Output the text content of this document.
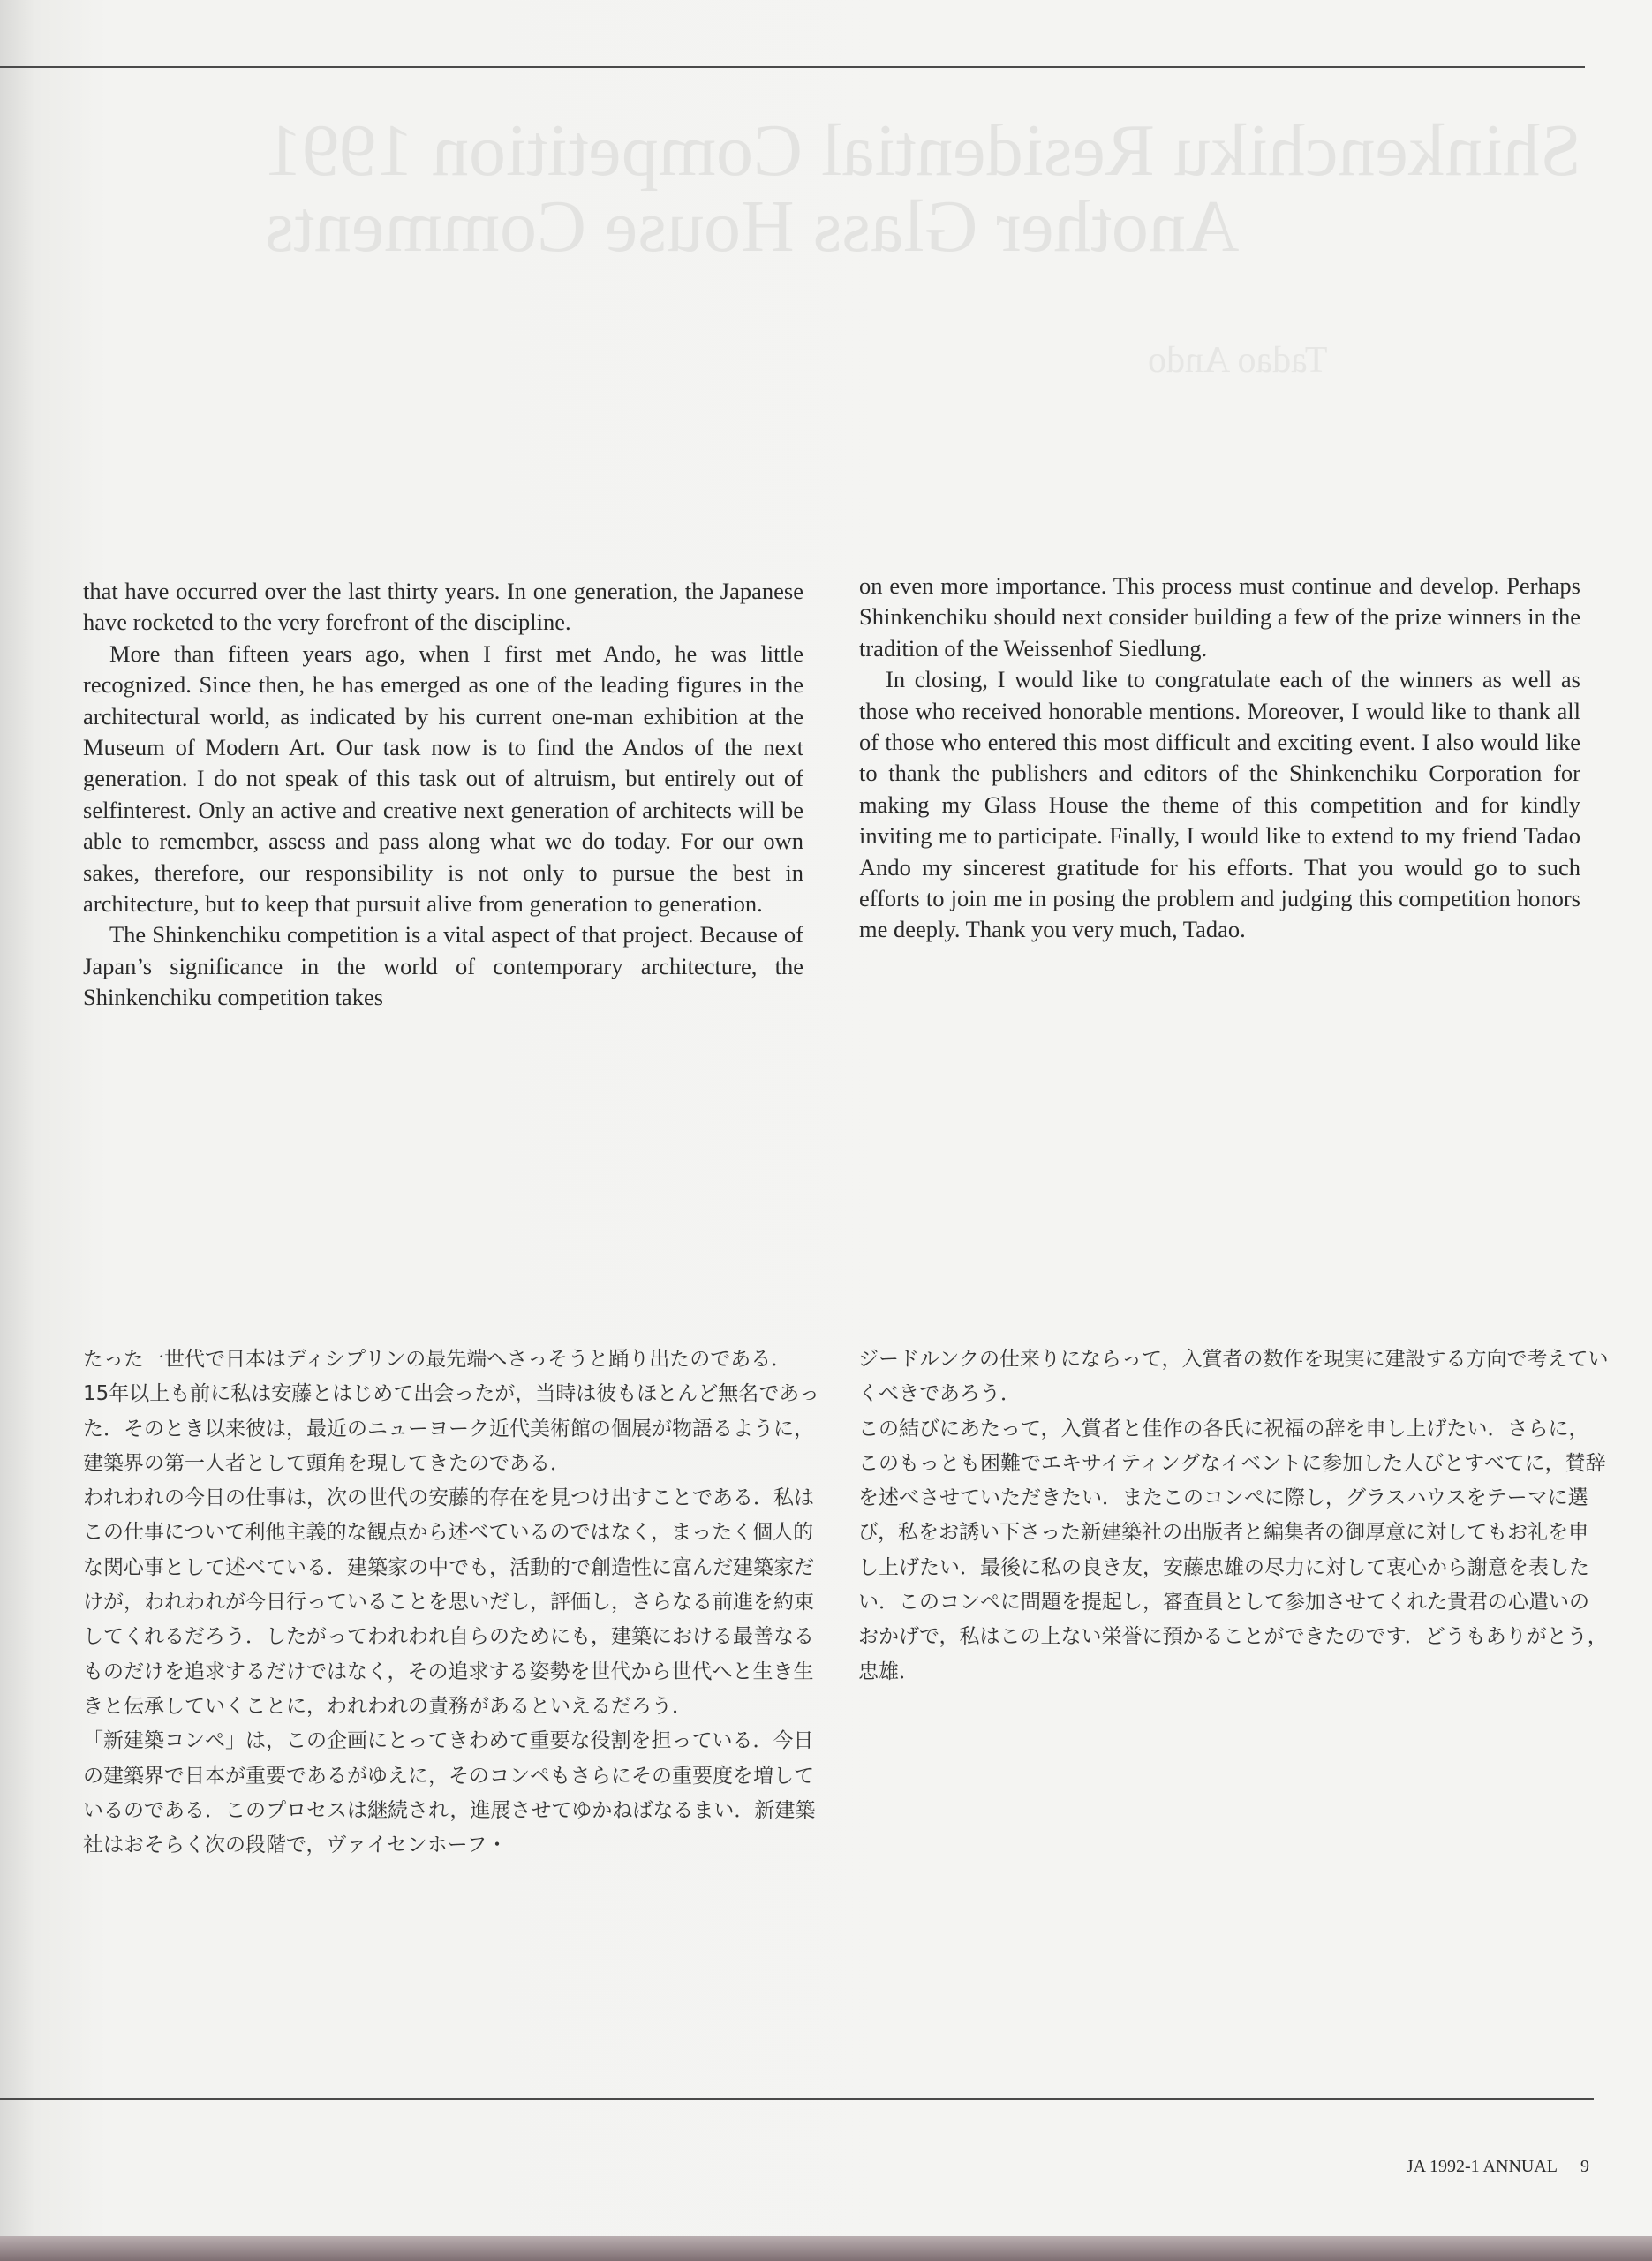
Shinkenchiku Residential Competition 1991 Another Glass House Comments
Tadao Ando

that have occurred over the last thirty years. In one generation, the Japanese have rocketed to the very forefront of the discipline.

More than fifteen years ago, when I first met Ando, he was little recognized. Since then, he has emerged as one of the leading figures in the architectural world, as indicated by his current one-man exhibition at the Museum of Modern Art. Our task now is to find the Andos of the next generation. I do not speak of this task out of altruism, but entirely out of selfinterest. Only an active and creative next generation of architects will be able to remember, assess and pass along what we do today. For our own sakes, therefore, our responsibility is not only to pursue the best in architecture, but to keep that pursuit alive from generation to generation.

The Shinkenchiku competition is a vital aspect of that project. Because of Japan’s significance in the world of contemporary architecture, the Shinkenchiku competition takes

on even more importance. This process must continue and develop. Perhaps Shinkenchiku should next consider building a few of the prize winners in the tradition of the Weissenhof Siedlung.

In closing, I would like to congratulate each of the winners as well as those who received honorable mentions. Moreover, I would like to thank all of those who entered this most difficult and exciting event. I also would like to thank the publishers and editors of the Shinkenchiku Corporation for making my Glass House the theme of this competition and for kindly inviting me to participate. Finally, I would like to extend to my friend Tadao Ando my sincerest gratitude for his efforts. That you would go to such efforts to join me in posing the problem and judging this competition honors me deeply. Thank you very much, Tadao.

たった一世代で日本はディシプリンの最先端へさっそうと踊り出たのである．

15年以上も前に私は安藤とはじめて出会ったが，当時は彼もほとんど無名であった．そのとき以来彼は，最近のニューヨーク近代美術館の個展が物語るように，建築界の第一人者として頭角を現してきたのである．

われわれの今日の仕事は，次の世代の安藤的存在を見つけ出すことである．私はこの仕事について利他主義的な観点から述べているのではなく，まったく個人的な関心事として述べている．建築家の中でも，活動的で創造性に富んだ建築家だけが，われわれが今日行っていることを思いだし，評価し，さらなる前進を約束してくれるだろう．したがってわれわれ自らのためにも，建築における最善なるものだけを追求するだけではなく，その追求する姿勢を世代から世代へと生き生きと伝承していくことに，われわれの責務があるといえるだろう．

「新建築コンペ」は，この企画にとってきわめて重要な役割を担っている．今日の建築界で日本が重要であるがゆえに，そのコンペもさらにその重要度を増しているのである．このプロセスは継続され，進展させてゆかねばなるまい．新建築社はおそらく次の段階で，ヴァイセンホーフ・

ジードルンクの仕来りにならって，入賞者の数作を現実に建設する方向で考えていくべきであろう．

この結びにあたって，入賞者と佳作の各氏に祝福の辞を申し上げたい．さらに，このもっとも困難でエキサイティングなイベントに参加した人びとすべてに，賛辞を述べさせていただきたい．またこのコンペに際し，グラスハウスをテーマに選び，私をお誘い下さった新建築社の出版者と編集者の御厚意に対してもお礼を申し上げたい．最後に私の良き友，安藤忠雄の尽力に対して衷心から謝意を表したい．このコンペに問題を提起し，審査員として参加させてくれた貴君の心遣いのおかげで，私はこの上ない栄誉に預かることができたのです．どうもありがとう，忠雄．

JA 1992-1 ANNUAL 9
